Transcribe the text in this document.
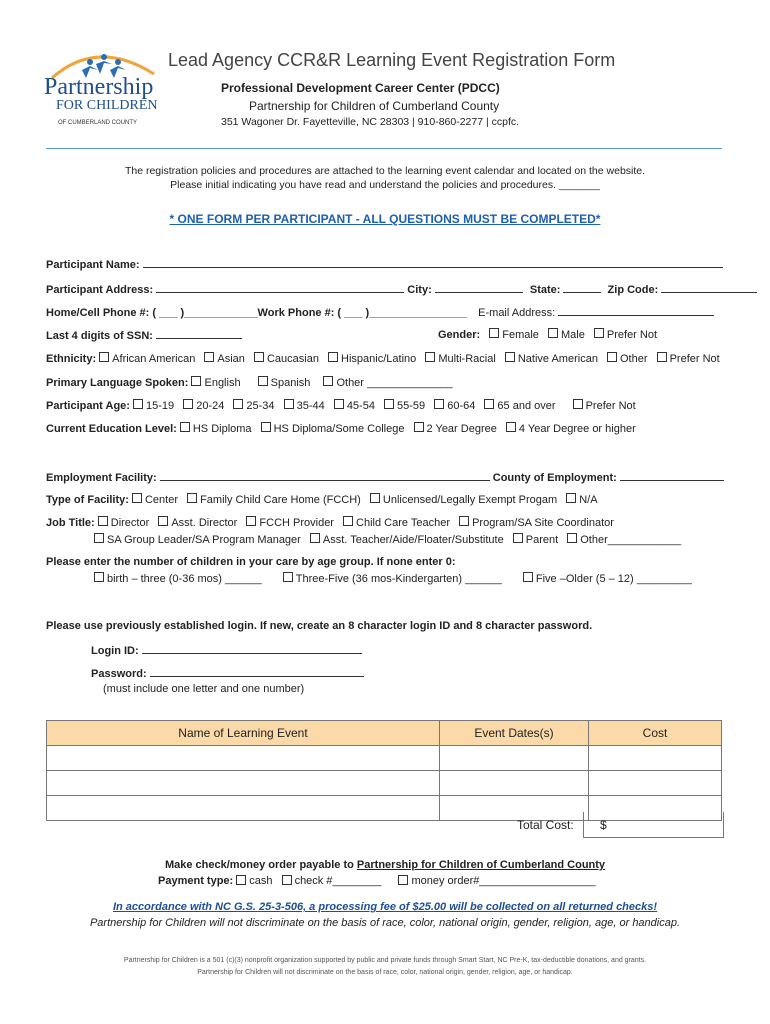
Partnership
FOR CHILDREN
OF CUMBERLAND COUNTY
Lead Agency CCR&R Learning Event Registration Form
Professional Development Career Center (PDCC)
Partnership for Children of Cumberland County
351 Wagoner Dr. Fayetteville, NC 28303 | 910-860-2277 | ccpfc.
The registration policies and procedures are attached to the learning event calendar and located on the website.
Please initial indicating you have read and understand the policies and procedures. _______
* ONE FORM PER PARTICIPANT - ALL QUESTIONS MUST BE COMPLETED*
Participant Name:
Participant Address:	City:	State:	Zip Code:
Home/Cell Phone #: ( ___ )____________Work Phone #: ( ___ )________________ E-mail Address:
Last 4 digits of SSN:	Gender: Female Male Prefer Not
Ethnicity: African American Asian Caucasian Hispanic/Latino Multi-Racial Native American Other Prefer Not
Primary Language Spoken: English	Spanish Other ______________
Participant Age: 15-19 20-24 25-34 35-44 45-54 55-59 60-64 65 and over	Prefer Not
Current Education Level: HS Diploma HS Diploma/Some College 2 Year Degree 4 Year Degree or higher
Employment Facility:	County of Employment:
Type of Facility: Center Family Child Care Home (FCCH) Unlicensed/Legally Exempt Progam N/A
Job Title: Director Asst. Director FCCH Provider Child Care Teacher Program/SA Site Coordinator
SA Group Leader/SA Program Manager Asst. Teacher/Aide/Floater/Substitute Parent Other____________
Please enter the number of children in your care by age group. If none enter 0:
birth – three (0-36 mos) ______	Three-Five (36 mos-Kindergarten) ______	Five –Older (5 – 12) _________
Please use previously established login. If new, create an 8 character login ID and 8 character password.
Login ID:
Password:
(must include one letter and one number)
Name of Learning Event	Event Dates(s)	Cost

Total Cost: $
Make check/money order payable to Partnership for Children of Cumberland County
Payment type: cash check #________	money order#___________________
In accordance with NC G.S. 25-3-506, a processing fee of $25.00 will be collected on all returned checks!
Partnership for Children will not discriminate on the basis of race, color, national origin, gender, religion, age, or handicap.
Partnership for Children is a 501 (c)(3) nonprofit organization supported by public and private funds through Smart Start, NC Pre-K, tax-deductible donations, and grants.
Partnership for Children will not discriminate on the basis of race, color, national origin, gender, religion, age, or handicap.
